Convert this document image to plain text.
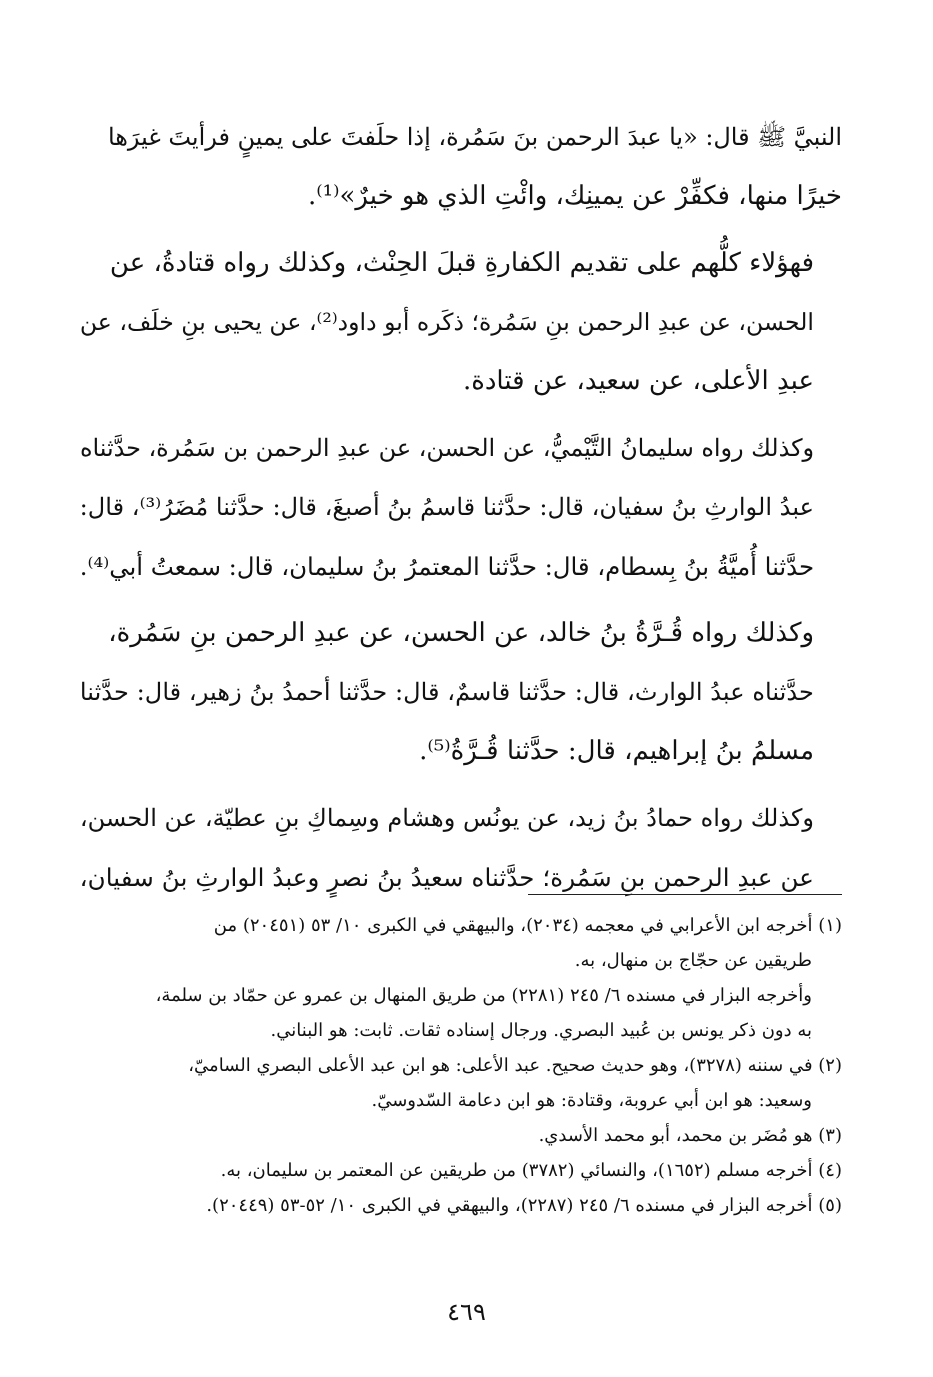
النبيَّ ﷺ قال: «يا عبدَ الرحمن بنَ سَمُرة، إذا حلَفتَ على يمينٍ فرأيتَ غيرَها
خيرًا منها، فكفِّرْ عن يمينِك، وائْتِ الذي هو خيرٌ»⁽¹⁾.

فهؤلاء كلُّهم على تقديم الكفارةِ قبلَ الحِنْث، وكذلك رواه قتادةُ، عن
الحسن، عن عبدِ الرحمن بنِ سَمُرة؛ ذكَره أبو داود⁽²⁾، عن يحيى بنِ خلَف، عن
عبدِ الأعلى، عن سعيد، عن قتادة.

وكذلك رواه سليمانُ التَّيْميُّ، عن الحسن، عن عبدِ الرحمن بن سَمُرة، حدَّثناه
عبدُ الوارثِ بنُ سفيان، قال: حدَّثنا قاسمُ بنُ أصبغَ، قال: حدَّثنا مُضَرُ⁽³⁾، قال:
حدَّثنا أُميَّةُ بنُ بِسطام، قال: حدَّثنا المعتمرُ بنُ سليمان، قال: سمعتُ أبي⁽⁴⁾.

وكذلك رواه قُـرَّةُ بنُ خالد، عن الحسن، عن عبدِ الرحمن بنِ سَمُرة،
حدَّثناه عبدُ الوارث، قال: حدَّثنا قاسمٌ، قال: حدَّثنا أحمدُ بنُ زهير، قال: حدَّثنا
مسلمُ بنُ إبراهيم، قال: حدَّثنا قُـرَّةُ⁽⁵⁾.

وكذلك رواه حمادُ بنُ زيد، عن يونُس وهشام وسِماكِ بنِ عطيّة، عن الحسن،
عن عبدِ الرحمن بنِ سَمُرة؛ حدَّثناه سعيدُ بنُ نصرٍ وعبدُ الوارثِ بنُ سفيان،

(١) أخرجه ابن الأعرابي في معجمه (٢٠٣٤)، والبيهقي في الكبرى ١٠/ ٥٣ (٢٠٤٥١) من
طريقين عن حجّاج بن منهال، به.
وأخرجه البزار في مسنده ٦/ ٢٤٥ (٢٢٨١) من طريق المنهال بن عمرو عن حمّاد بن سلمة،
به دون ذكر يونس بن عُبيد البصري. ورجال إسناده ثقات. ثابت: هو البناني.
(٢) في سننه (٣٢٧٨)، وهو حديث صحيح. عبد الأعلى: هو ابن عبد الأعلى البصري الساميّ،
وسعيد: هو ابن أبي عروبة، وقتادة: هو ابن دعامة السّدوسيّ.
(٣) هو مُضَر بن محمد، أبو محمد الأسدي.
(٤) أخرجه مسلم (١٦٥٢)، والنسائي (٣٧٨٢) من طريقين عن المعتمر بن سليمان، به.
(٥) أخرجه البزار في مسنده ٦/ ٢٤٥ (٢٢٨٧)، والبيهقي في الكبرى ١٠/ ٥٢-٥٣ (٢٠٤٤٩).
٤٦٩
